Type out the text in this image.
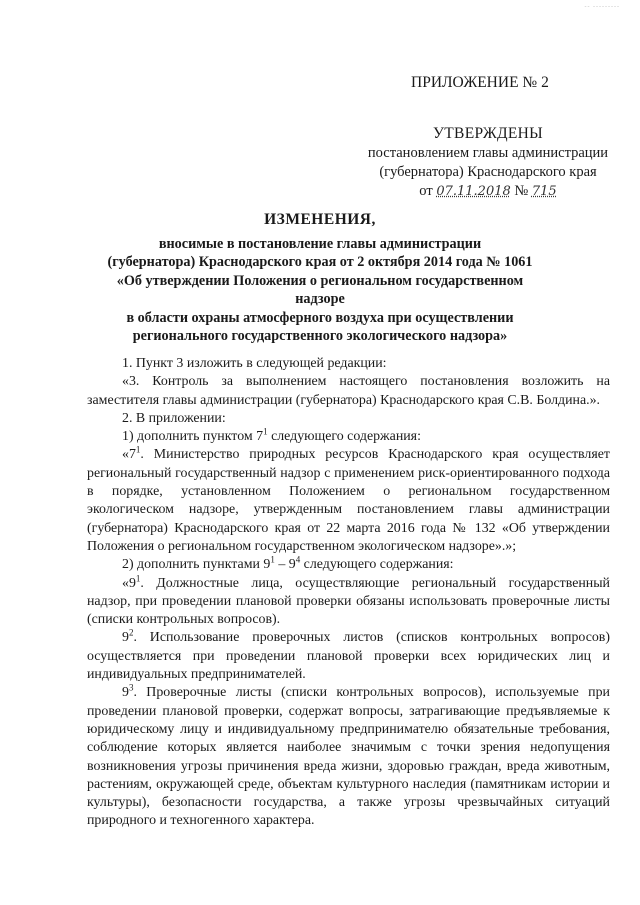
-- ---------
ПРИЛОЖЕНИЕ № 2
УТВЕРЖДЕНЫ
постановлением главы администрации
(губернатора) Краснодарского края
от 07.11.2018 № 715
ИЗМЕНЕНИЯ,
вносимые в постановление главы администрации
(губернатора) Краснодарского края от 2 октября 2014 года № 1061
«Об утверждении Положения о региональном государственном надзоре
в области охраны атмосферного воздуха при осуществлении
регионального государственного экологического надзора»

1. Пункт 3 изложить в следующей редакции:

«3. Контроль за выполнением настоящего постановления возложить на заместителя главы администрации (губернатора) Краснодарского края С.В. Болдина.».

2. В приложении:

1) дополнить пунктом $7^1$ следующего содержания:

«$7^1$. Министерство природных ресурсов Краснодарского края осуществляет региональный государственный надзор с применением риск-ориентированного подхода в порядке, установленном Положением о региональном государственном экологическом надзоре, утвержденным постановлением главы администрации (губернатора) Краснодарского края от 22 марта 2016 года № 132 «Об утверждении Положения о региональном государственном экологическом надзоре».»;

2) дополнить пунктами $9^1 - 9^4$ следующего содержания:

«$9^1$. Должностные лица, осуществляющие региональный государственный надзор, при проведении плановой проверки обязаны использовать проверочные листы (списки контрольных вопросов).

$9^2$. Использование проверочных листов (списков контрольных вопросов) осуществляется при проведении плановой проверки всех юридических лиц и индивидуальных предпринимателей.

$9^3$. Проверочные листы (списки контрольных вопросов), используемые при проведении плановой проверки, содержат вопросы, затрагивающие предъявляемые к юридическому лицу и индивидуальному предпринимателю обязательные требования, соблюдение которых является наиболее значимым с точки зрения недопущения возникновения угрозы причинения вреда жизни, здоровью граждан, вреда животным, растениям, окружающей среде, объектам культурного наследия (памятникам истории и культуры), безопасности государства, а также угрозы чрезвычайных ситуаций природного и техногенного характера.
